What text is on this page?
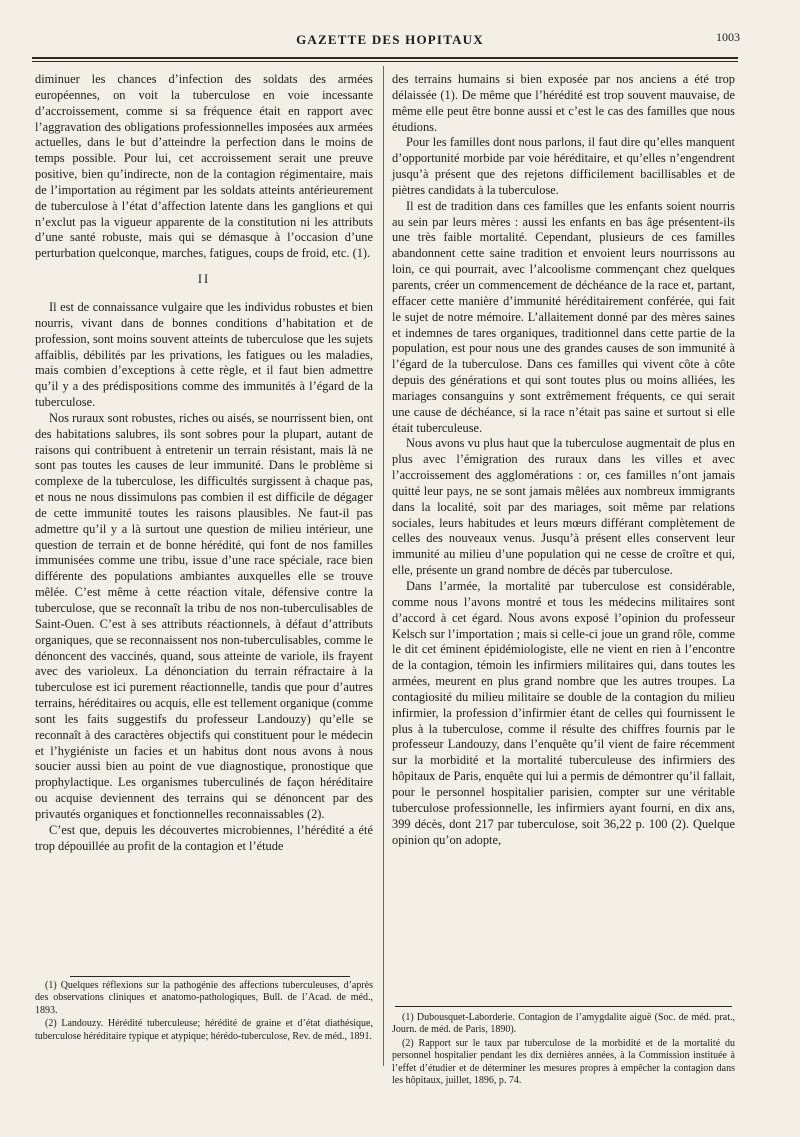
GAZETTE DES HOPITAUX	1003

diminuer les chances d’infection des soldats des armées européennes, on voit la tuberculose en voie incessante d’accroissement, comme si sa fréquence était en rapport avec l’aggravation des obligations professionnelles imposées aux armées actuelles, dans le but d’atteindre la perfection dans le moins de temps possible. Pour lui, cet accroissement serait une preuve positive, bien qu’indirecte, non de la contagion régimentaire, mais de l’importation au régiment par les soldats atteints antérieurement de tuberculose à l’état d’affection latente dans les ganglions et qui n’exclut pas la vigueur apparente de la constitution ni les attributs d’une santé robuste, mais qui se démasque à l’occasion d’une perturbation quelconque, marches, fatigues, coups de froid, etc. (1).

II

Il est de connaissance vulgaire que les individus robustes et bien nourris, vivant dans de bonnes conditions d’habitation et de profession, sont moins souvent atteints de tuberculose que les sujets affaiblis, débilités par les privations, les fatigues ou les maladies, mais combien d’exceptions à cette règle, et il faut bien admettre qu’il y a des prédispositions comme des immunités à l’égard de la tuberculose.

Nos ruraux sont robustes, riches ou aisés, se nourrissent bien, ont des habitations salubres, ils sont sobres pour la plupart, autant de raisons qui contribuent à entretenir un terrain résistant, mais là ne sont pas toutes les causes de leur immunité. Dans le problème si complexe de la tuberculose, les difficultés surgissent à chaque pas, et nous ne nous dissimulons pas combien il est difficile de dégager de cette immunité toutes les raisons plausibles. Ne faut-il pas admettre qu’il y a là surtout une question de milieu intérieur, une question de terrain et de bonne hérédité, qui font de nos familles immunisées comme une tribu, issue d’une race spéciale, race bien différente des populations ambiantes auxquelles elle se trouve mêlée. C’est même à cette réaction vitale, défensive contre la tuberculose, que se reconnaît la tribu de nos non-tuberculisables de Saint-Ouen. C’est à ses attributs réactionnels, à défaut d’attributs organiques, que se reconnaissent nos non-tuberculisables, comme le dénoncent des vaccinés, quand, sous atteinte de variole, ils frayent avec des varioleux. La dénonciation du terrain réfractaire à la tuberculose est ici purement réactionnelle, tandis que pour d’autres terrains, héréditaires ou acquis, elle est tellement organique (comme sont les faits suggestifs du professeur Landouzy) qu’elle se reconnaît à des caractères objectifs qui constituent pour le médecin et l’hygiéniste un facies et un habitus dont nous avons à nous soucier aussi bien au point de vue diagnostique, pronostique que prophylactique. Les organismes tuberculinés de façon héréditaire ou acquise deviennent des terrains qui se dénoncent par des privautés organiques et fonctionnelles reconnaissables (2).

C’est que, depuis les découvertes microbiennes, l’hérédité a été trop dépouillée au profit de la contagion et l’étude

des terrains humains si bien exposée par nos anciens a été trop délaissée (1). De même que l’hérédité est trop souvent mauvaise, de même elle peut être bonne aussi et c’est le cas des familles que nous étudions.

Pour les familles dont nous parlons, il faut dire qu’elles manquent d’opportunité morbide par voie héréditaire, et qu’elles n’engendrent jusqu’à présent que des rejetons difficilement bacillisables et de piètres candidats à la tuberculose.

Il est de tradition dans ces familles que les enfants soient nourris au sein par leurs mères : aussi les enfants en bas âge présentent-ils une très faible mortalité. Cependant, plusieurs de ces familles abandonnent cette saine tradition et envoient leurs nourrissons au loin, ce qui pourrait, avec l’alcoolisme commençant chez quelques parents, créer un commencement de déchéance de la race et, partant, effacer cette manière d’immunité héréditairement conférée, qui fait le sujet de notre mémoire. L’allaitement donné par des mères saines et indemnes de tares organiques, traditionnel dans cette partie de la population, est pour nous une des grandes causes de son immunité à l’égard de la tuberculose. Dans ces familles qui vivent côte à côte depuis des générations et qui sont toutes plus ou moins alliées, les mariages consanguins y sont extrêmement fréquents, ce qui serait une cause de déchéance, si la race n’était pas saine et surtout si elle était tuberculeuse.

Nous avons vu plus haut que la tuberculose augmentait de plus en plus avec l’émigration des ruraux dans les villes et avec l’accroissement des agglomérations : or, ces familles n’ont jamais quitté leur pays, ne se sont jamais mêlées aux nombreux immigrants dans la localité, soit par des mariages, soit même par relations sociales, leurs habitudes et leurs mœurs différant complètement de celles des nouveaux venus. Jusqu’à présent elles conservent leur immunité au milieu d’une population qui ne cesse de croître et qui, elle, présente un grand nombre de décès par tuberculose.

Dans l’armée, la mortalité par tuberculose est considérable, comme nous l’avons montré et tous les médecins militaires sont d’accord à cet égard. Nous avons exposé l’opinion du professeur Kelsch sur l’importation ; mais si celle-ci joue un grand rôle, comme le dit cet éminent épidémiologiste, elle ne vient en rien à l’encontre de la contagion, témoin les infirmiers militaires qui, dans toutes les armées, meurent en plus grand nombre que les autres troupes. La contagiosité du milieu militaire se double de la contagion du milieu infirmier, la profession d’infirmier étant de celles qui fournissent le plus à la tuberculose, comme il résulte des chiffres fournis par le professeur Landouzy, dans l’enquête qu’il vient de faire récemment sur la morbidité et la mortalité tuberculeuse des infirmiers des hôpitaux de Paris, enquête qui lui a permis de démontrer qu’il fallait, pour le personnel hospitalier parisien, compter sur une véritable tuberculose professionnelle, les infirmiers ayant fourni, en dix ans, 399 décès, dont 217 par tuberculose, soit 36,22 p. 100 (2). Quelque opinion qu’on adopte,

(1) Quelques réflexions sur la pathogénie des affections tuberculeuses, d’après des observations cliniques et anatomo-pathologiques, Bull. de l’Acad. de méd., 1893.

(2) Landouzy. Hérédité tuberculeuse; hérédité de graine et d’état diathésique, tuberculose héréditaire typique et atypique; hérédo-tuberculose, Rev. de méd., 1891.

(1) Dubousquet-Laborderie. Contagion de l’amygdalite aiguë (Soc. de méd. prat., Journ. de méd. de Paris, 1890).

(2) Rapport sur le taux par tuberculose de la morbidité et de la mortalité du personnel hospitalier pendant les dix dernières années, à la Commission instituée à l’effet d’étudier et de déterminer les mesures propres à empêcher la contagion dans les hôpitaux, juillet, 1896, p. 74.
